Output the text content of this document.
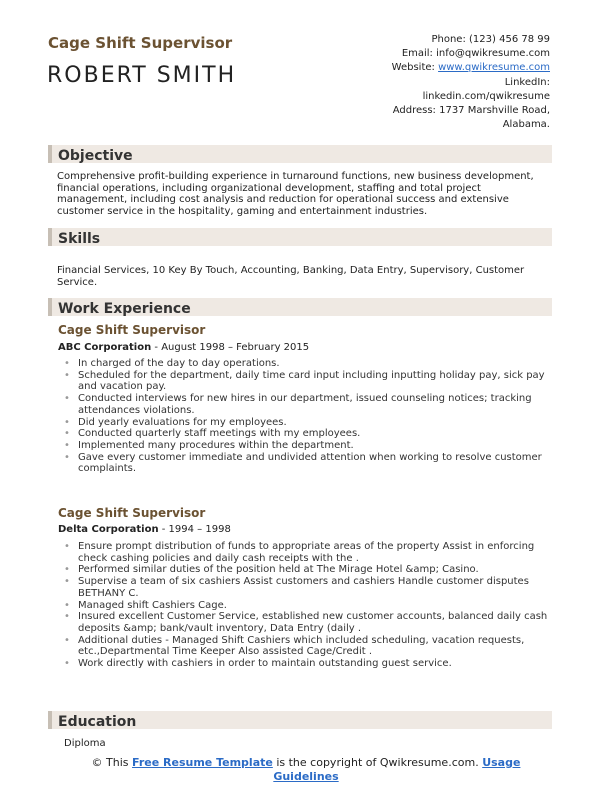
Cage Shift Supervisor
ROBERT SMITH
Phone: (123) 456 78 99
Email: info@qwikresume.com
Website: www.qwikresume.com
LinkedIn:
linkedin.com/qwikresume
Address: 1737 Marshville Road,
Alabama.
Objective
Comprehensive profit-building experience in turnaround functions, new business development, financial operations, including organizational development, staffing and total project management, including cost analysis and reduction for operational success and extensive customer service in the hospitality, gaming and entertainment industries.
Skills
Financial Services, 10 Key By Touch, Accounting, Banking, Data Entry, Supervisory, Customer Service.
Work Experience
Cage Shift Supervisor
ABC Corporation - August 1998 – February 2015
• In charged of the day to day operations.
• Scheduled for the department, daily time card input including inputting holiday pay, sick pay and vacation pay.
• Conducted interviews for new hires in our department, issued counseling notices; tracking attendances violations.
• Did yearly evaluations for my employees.
• Conducted quarterly staff meetings with my employees.
• Implemented many procedures within the department.
• Gave every customer immediate and undivided attention when working to resolve customer complaints.
Cage Shift Supervisor
Delta Corporation - 1994 – 1998
• Ensure prompt distribution of funds to appropriate areas of the property Assist in enforcing check cashing policies and daily cash receipts with the .
• Performed similar duties of the position held at The Mirage Hotel &amp; Casino.
• Supervise a team of six cashiers Assist customers and cashiers Handle customer disputes BETHANY C.
• Managed shift Cashiers Cage.
• Insured excellent Customer Service, established new customer accounts, balanced daily cash deposits &amp; bank/vault inventory, Data Entry (daily .
• Additional duties - Managed Shift Cashiers which included scheduling, vacation requests, etc.,Departmental Time Keeper Also assisted Cage/Credit .
• Work directly with cashiers in order to maintain outstanding guest service.
Education
Diploma
© This Free Resume Template is the copyright of Qwikresume.com. Usage
Guidelines
